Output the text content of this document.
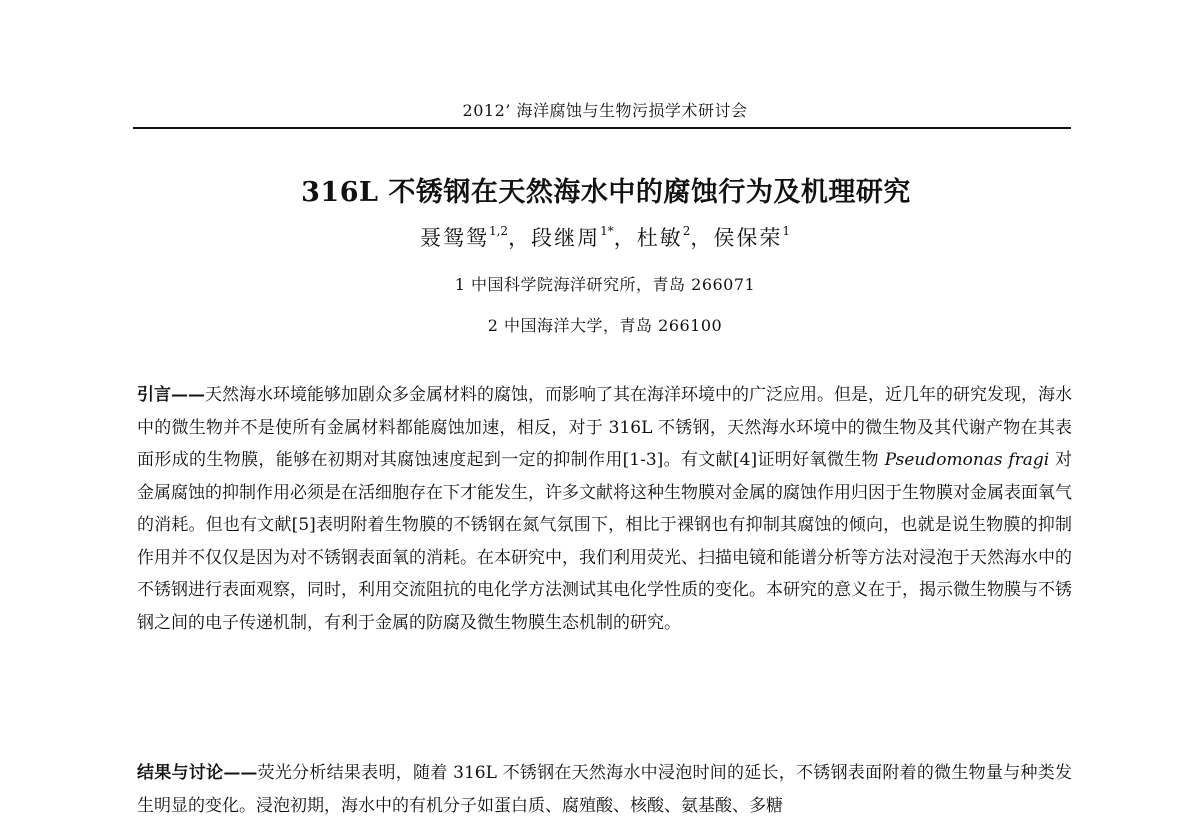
2012’ 海洋腐蚀与生物污损学术研讨会
316L 不锈钢在天然海水中的腐蚀行为及机理研究
聂鸳鸳$^{1,2}$，段继周$^{1*}$，杜敏$^2$，侯保荣$^1$
1 中国科学院海洋研究所，青岛 266071
2 中国海洋大学，青岛 266100

引言——天然海水环境能够加剧众多金属材料的腐蚀，而影响了其在海洋环境中的广泛应用。但是，近几年的研究发现，海水中的微生物并不是使所有金属材料都能腐蚀加速，相反，对于 316L 不锈钢，天然海水环境中的微生物及其代谢产物在其表面形成的生物膜，能够在初期对其腐蚀速度起到一定的抑制作用[1-3]。有文献[4]证明好氧微生物 Pseudomonas fragi 对金属腐蚀的抑制作用必须是在活细胞存在下才能发生，许多文献将这种生物膜对金属的腐蚀作用归因于生物膜对金属表面氧气的消耗。但也有文献[5]表明附着生物膜的不锈钢在氮气氛围下，相比于裸钢也有抑制其腐蚀的倾向，也就是说生物膜的抑制作用并不仅仅是因为对不锈钢表面氧的消耗。在本研究中，我们利用荧光、扫描电镜和能谱分析等方法对浸泡于天然海水中的不锈钢进行表面观察，同时，利用交流阻抗的电化学方法测试其电化学性质的变化。本研究的意义在于，揭示微生物膜与不锈钢之间的电子传递机制，有利于金属的防腐及微生物膜生态机制的研究。

结果与讨论——荧光分析结果表明，随着 316L 不锈钢在天然海水中浸泡时间的延长，不锈钢表面附着的微生物量与种类发生明显的变化。浸泡初期，海水中的有机分子如蛋白质、腐殖酸、核酸、氨基酸、多糖
